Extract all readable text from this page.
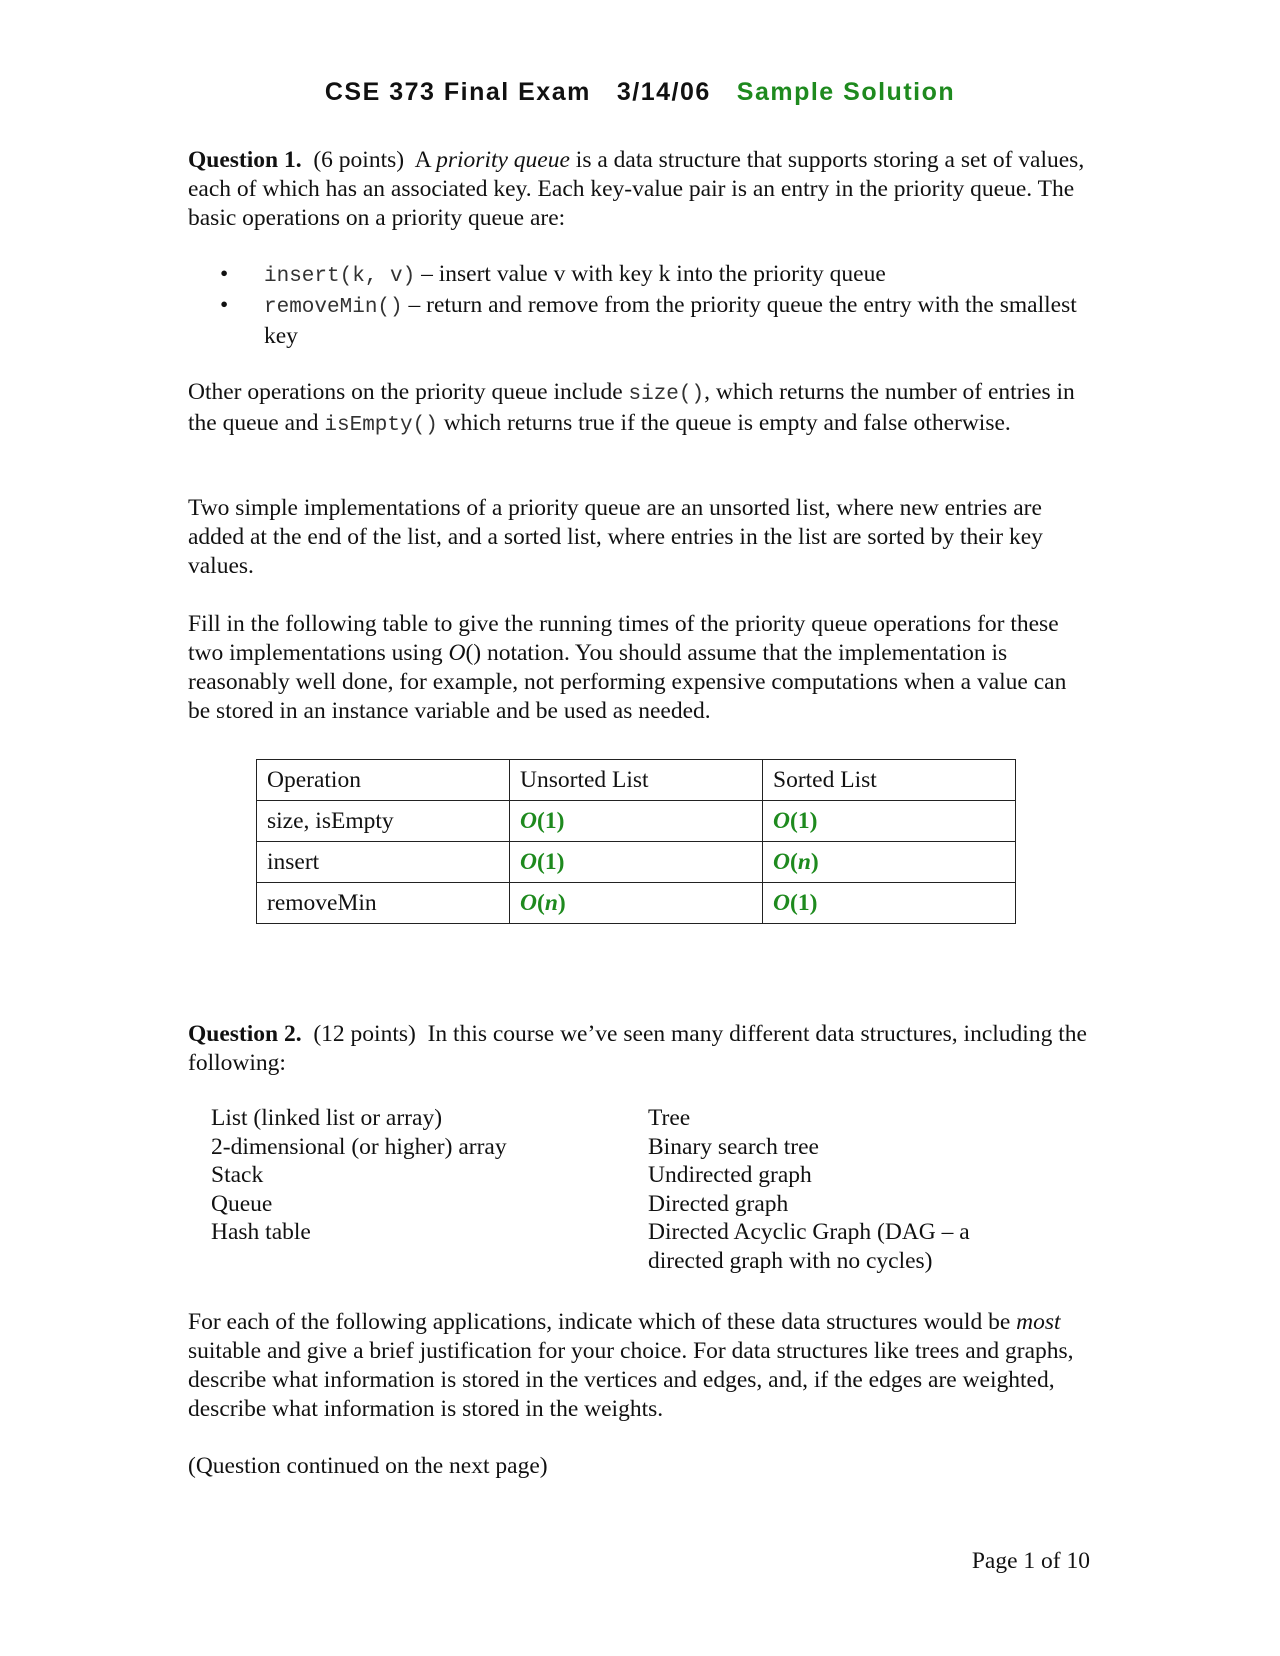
CSE 373 Final Exam 3/14/06 Sample Solution
Question 1. (6 points) A priority queue is a data structure that supports storing a set of values, each of which has an associated key. Each key-value pair is an entry in the priority queue. The basic operations on a priority queue are:
•	insert(k, v) – insert value v with key k into the priority queue
•	removeMin() – return and remove from the priority queue the entry with the smallest key
Other operations on the priority queue include size(), which returns the number of entries in the queue and isEmpty() which returns true if the queue is empty and false otherwise.
Two simple implementations of a priority queue are an unsorted list, where new entries are added at the end of the list, and a sorted list, where entries in the list are sorted by their key values.
Fill in the following table to give the running times of the priority queue operations for these two implementations using O() notation. You should assume that the implementation is reasonably well done, for example, not performing expensive computations when a value can be stored in an instance variable and be used as needed.
Operation	Unsorted List	Sorted List
size, isEmpty	O(1)	O(1)
insert	O(1)	O(n)
removeMin	O(n)	O(1)
Question 2. (12 points) In this course we’ve seen many different data structures, including the following:
List (linked list or array)
2-dimensional (or higher) array
Stack
Queue
Hash table
Tree
Binary search tree
Undirected graph
Directed graph
Directed Acyclic Graph (DAG – a
directed graph with no cycles)
For each of the following applications, indicate which of these data structures would be most suitable and give a brief justification for your choice. For data structures like trees and graphs, describe what information is stored in the vertices and edges, and, if the edges are weighted, describe what information is stored in the weights.
(Question continued on the next page)
Page 1 of 10
